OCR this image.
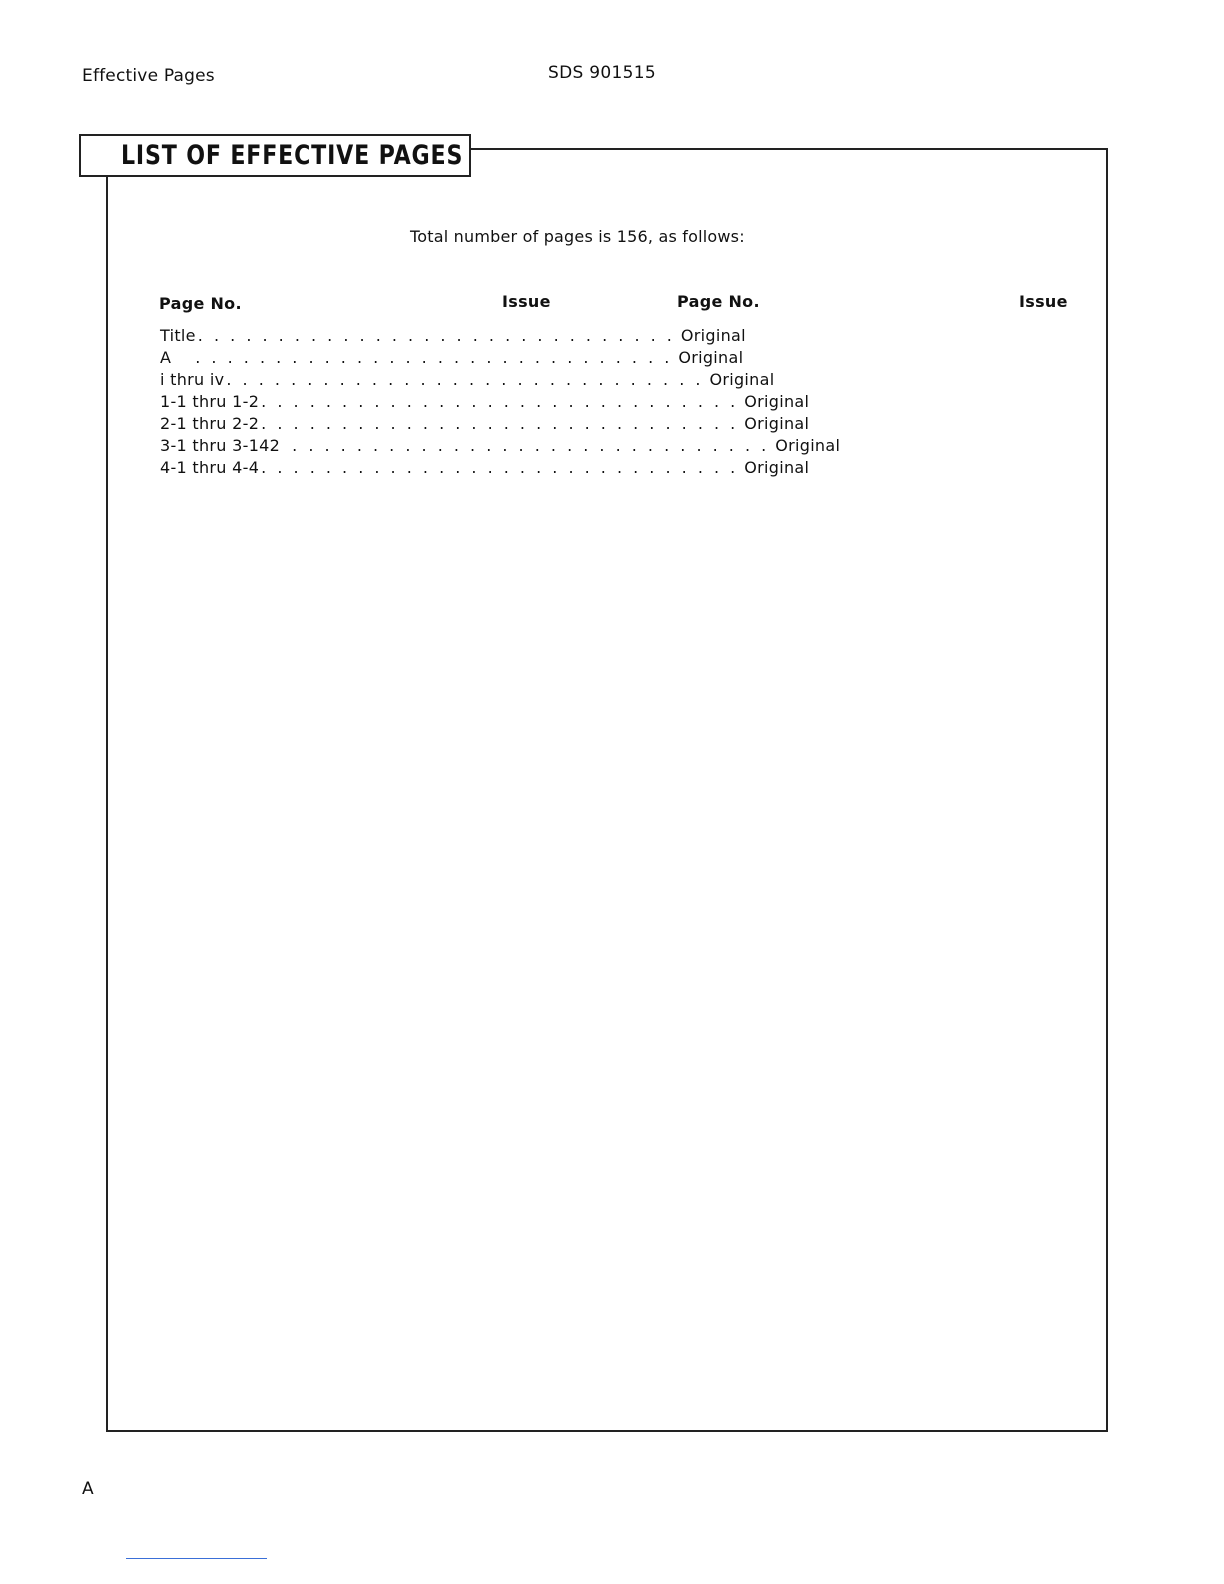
Effective Pages	SDS 901515
LIST OF EFFECTIVE PAGES
Total number of pages is 156, as follows:
Page No.	Issue	Page No.	Issue
Title . . . . . . . . . . . . . . . . . . . . . . . . . . . . . . Original
A . . . . . . . . . . . . . . . . . . . . . . . . . . . . . . Original
i thru iv . . . . . . . . . . . . . . . . . . . . . . . . . . . . . . Original
1-1 thru 1-2 . . . . . . . . . . . . . . . . . . . . . . . . . . . . . . Original
2-1 thru 2-2 . . . . . . . . . . . . . . . . . . . . . . . . . . . . . . Original
3-1 thru 3-142 . . . . . . . . . . . . . . . . . . . . . . . . . . . . . . Original
4-1 thru 4-4 . . . . . . . . . . . . . . . . . . . . . . . . . . . . . . Original
A
